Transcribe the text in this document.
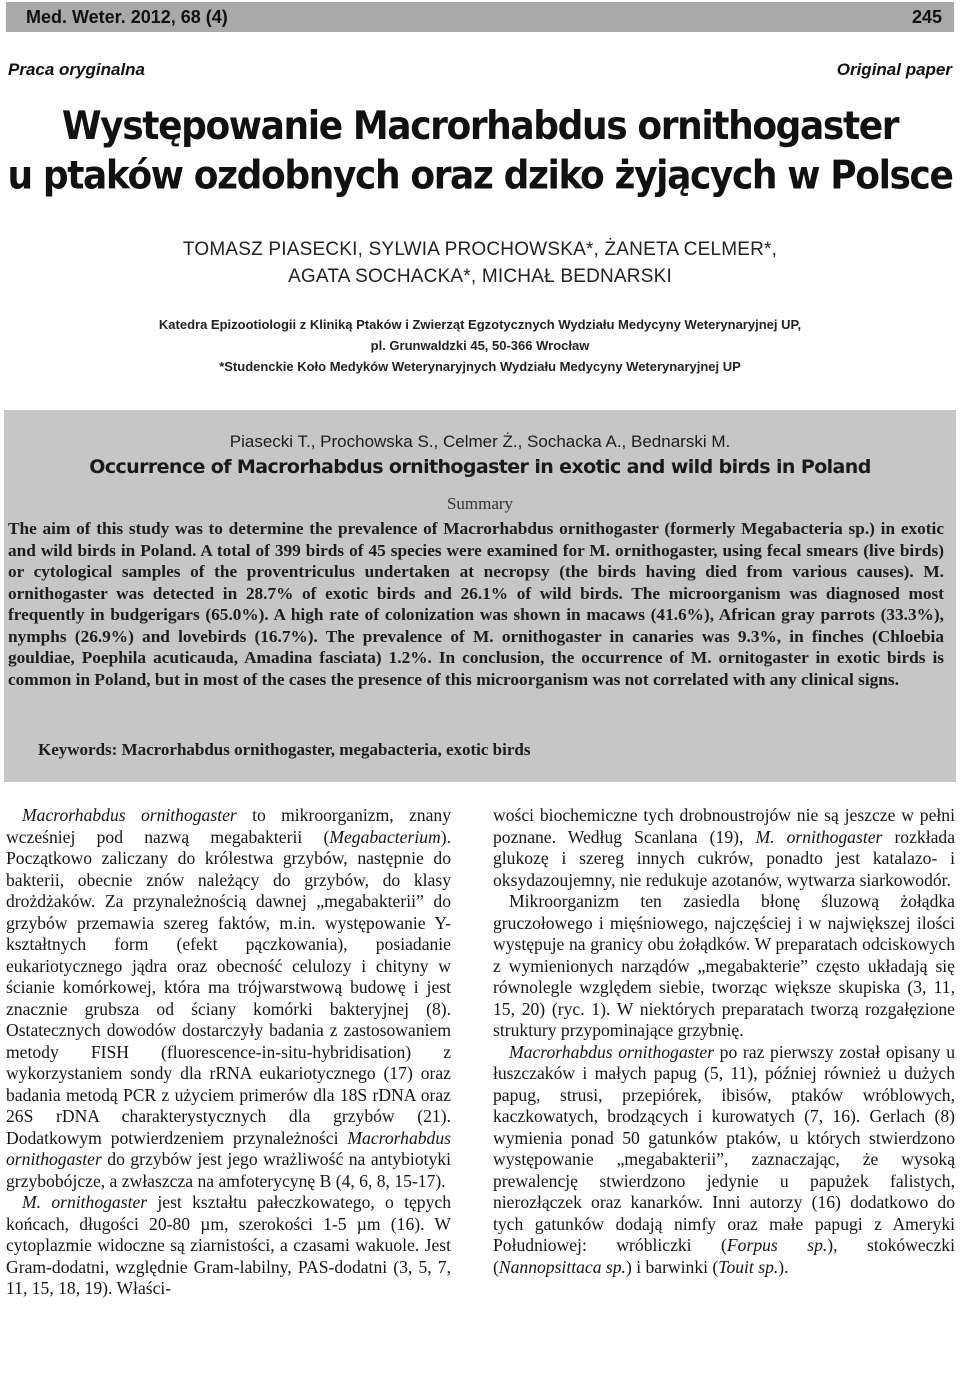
Med. Weter. 2012, 68 (4)	245
Praca oryginalna	Original paper
Występowanie Macrorhabdus ornithogaster
u ptaków ozdobnych oraz dziko żyjących w Polsce
TOMASZ PIASECKI, SYLWIA PROCHOWSKA*, ŻANETA CELMER*,
AGATA SOCHACKA*, MICHAŁ BEDNARSKI
Katedra Epizootiologii z Kliniką Ptaków i Zwierząt Egzotycznych Wydziału Medycyny Weterynaryjnej UP,
pl. Grunwaldzki 45, 50-366 Wrocław
*Studenckie Koło Medyków Weterynaryjnych Wydziału Medycyny Weterynaryjnej UP
Piasecki T., Prochowska S., Celmer Ż., Sochacka A., Bednarski M.
Occurrence of Macrorhabdus ornithogaster in exotic and wild birds in Poland
Summary
The aim of this study was to determine the prevalence of Macrorhabdus ornithogaster (formerly Megabacteria sp.) in exotic and wild birds in Poland. A total of 399 birds of 45 species were examined for M. ornithogaster, using fecal smears (live birds) or cytological samples of the proventriculus undertaken at necropsy (the birds having died from various causes). M. ornithogaster was detected in 28.7% of exotic birds and 26.1% of wild birds. The microorganism was diagnosed most frequently in budgerigars (65.0%). A high rate of colonization was shown in macaws (41.6%), African gray parrots (33.3%), nymphs (26.9%) and lovebirds (16.7%). The prevalence of M. ornithogaster in canaries was 9.3%, in finches (Chloebia gouldiae, Poephila acuticauda, Amadina fasciata) 1.2%. In conclusion, the occurrence of M. ornitogaster in exotic birds is common in Poland, but in most of the cases the presence of this microorganism was not correlated with any clinical signs.
Keywords: Macrorhabdus ornithogaster, megabacteria, exotic birds

Macrorhabdus ornithogaster to mikroorganizm, znany wcześniej pod nazwą megabakterii (Megabacterium). Początkowo zaliczany do królestwa grzybów, następnie do bakterii, obecnie znów należący do grzybów, do klasy drożdżaków. Za przynależnością dawnej „megabakterii” do grzybów przemawia szereg faktów, m.in. występowanie Y-kształtnych form (efekt pączkowania), posiadanie eukariotycznego jądra oraz obecność celulozy i chityny w ścianie komórkowej, która ma trójwarstwową budowę i jest znacznie grubsza od ściany komórki bakteryjnej (8). Ostatecznych dowodów dostarczyły badania z zastosowaniem metody FISH (fluorescence-in-situ-hybridisation) z wykorzystaniem sondy dla rRNA eukariotycznego (17) oraz badania metodą PCR z użyciem primerów dla 18S rDNA oraz 26S rDNA charakterystycznych dla grzybów (21). Dodatkowym potwierdzeniem przynależności Macrorhabdus ornithogaster do grzybów jest jego wrażliwość na antybiotyki grzybobójcze, a zwłaszcza na amfoterycynę B (4, 6, 8, 15-17).

M. ornithogaster jest kształtu pałeczkowatego, o tępych końcach, długości 20-80 µm, szerokości 1-5 µm (16). W cytoplazmie widoczne są ziarnistości, a czasami wakuole. Jest Gram-dodatni, względnie Gram-labilny, PAS-dodatni (3, 5, 7, 11, 15, 18, 19). Właści-

wości biochemiczne tych drobnoustrojów nie są jeszcze w pełni poznane. Według Scanlana (19), M. ornithogaster rozkłada glukozę i szereg innych cukrów, ponadto jest katalazo- i oksydazoujemny, nie redukuje azotanów, wytwarza siarkowodór.

Mikroorganizm ten zasiedla błonę śluzową żołądka gruczołowego i mięśniowego, najczęściej i w największej ilości występuje na granicy obu żołądków. W preparatach odciskowych z wymienionych narządów „megabakterie” często układają się równolegle względem siebie, tworząc większe skupiska (3, 11, 15, 20) (ryc. 1). W niektórych preparatach tworzą rozgałęzione struktury przypominające grzybnię.

Macrorhabdus ornithogaster po raz pierwszy został opisany u łuszczaków i małych papug (5, 11), później również u dużych papug, strusi, przepiórek, ibisów, ptaków wróblowych, kaczkowatych, brodzących i kurowatych (7, 16). Gerlach (8) wymienia ponad 50 gatunków ptaków, u których stwierdzono występowanie „megabakterii”, zaznaczając, że wysoką prewalencję stwierdzono jedynie u papużek falistych, nierozłączek oraz kanarków. Inni autorzy (16) dodatkowo do tych gatunków dodają nimfy oraz małe papugi z Ameryki Południowej: wróbliczki (Forpus sp.), stokóweczki (Nannopsittaca sp.) i barwinki (Touit sp.).
